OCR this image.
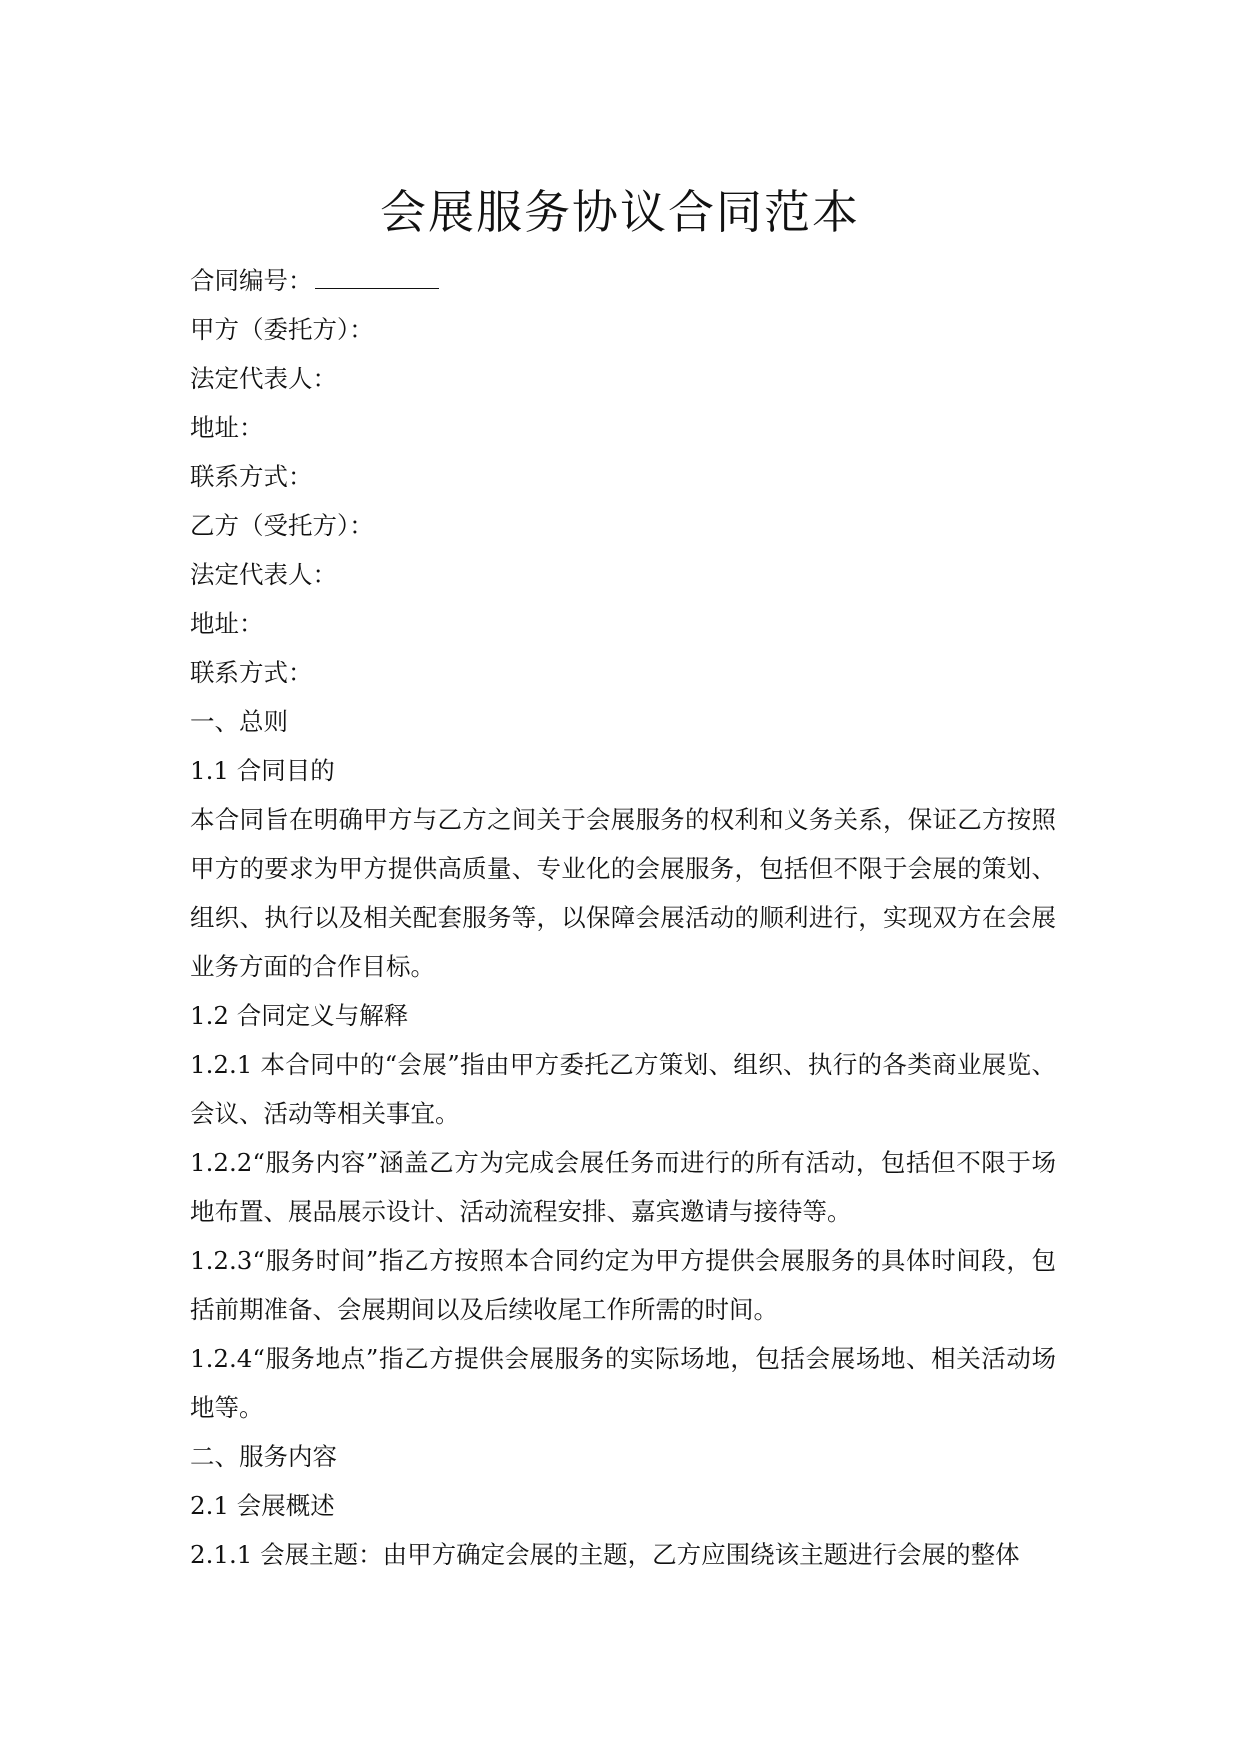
会展服务协议合同范本

合同编号：

甲方（委托方）：

法定代表人：

地址：

联系方式：

乙方（受托方）：

法定代表人：

地址：

联系方式：

一、总则

1.1 合同目的

本合同旨在明确甲方与乙方之间关于会展服务的权利和义务关系，保证乙方按照甲方的要求为甲方提供高质量、专业化的会展服务，包括但不限于会展的策划、组织、执行以及相关配套服务等，以保障会展活动的顺利进行，实现双方在会展业务方面的合作目标。

1.2 合同定义与解释

1.2.1 本合同中的“会展”指由甲方委托乙方策划、组织、执行的各类商业展览、会议、活动等相关事宜。

1.2.2“服务内容”涵盖乙方为完成会展任务而进行的所有活动，包括但不限于场地布置、展品展示设计、活动流程安排、嘉宾邀请与接待等。

1.2.3“服务时间”指乙方按照本合同约定为甲方提供会展服务的具体时间段，包括前期准备、会展期间以及后续收尾工作所需的时间。

1.2.4“服务地点”指乙方提供会展服务的实际场地，包括会展场地、相关活动场地等。

二、服务内容

2.1 会展概述

2.1.1 会展主题：由甲方确定会展的主题，乙方应围绕该主题进行会展的整体
